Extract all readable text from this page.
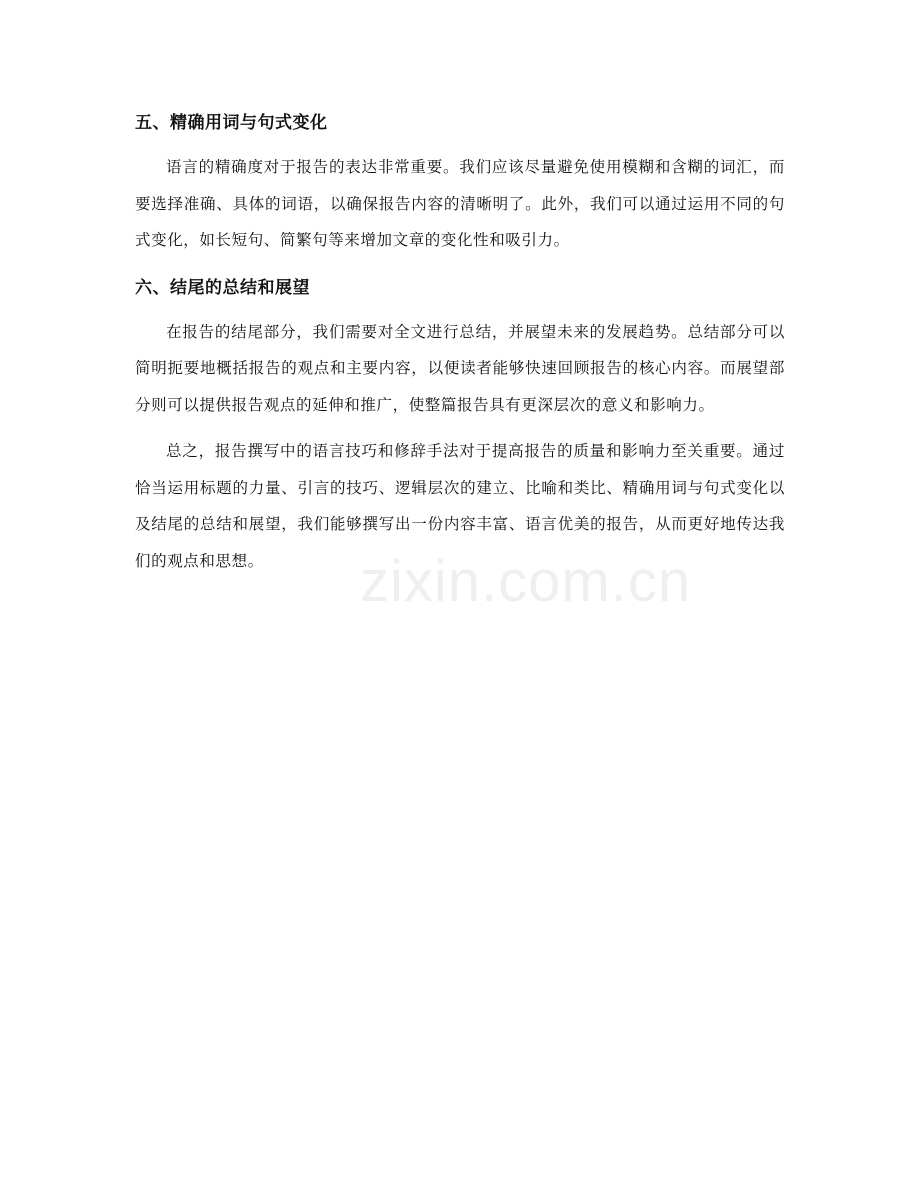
五、精确用词与句式变化

语言的精确度对于报告的表达非常重要。我们应该尽量避免使用模糊和含糊的词汇，而要选择准确、具体的词语，以确保报告内容的清晰明了。此外，我们可以通过运用不同的句式变化，如长短句、简繁句等来增加文章的变化性和吸引力。

六、结尾的总结和展望

在报告的结尾部分，我们需要对全文进行总结，并展望未来的发展趋势。总结部分可以简明扼要地概括报告的观点和主要内容，以便读者能够快速回顾报告的核心内容。而展望部分则可以提供报告观点的延伸和推广，使整篇报告具有更深层次的意义和影响力。

总之，报告撰写中的语言技巧和修辞手法对于提高报告的质量和影响力至关重要。通过恰当运用标题的力量、引言的技巧、逻辑层次的建立、比喻和类比、精确用词与句式变化以及结尾的总结和展望，我们能够撰写出一份内容丰富、语言优美的报告，从而更好地传达我们的观点和思想。	zixin.com.cn
